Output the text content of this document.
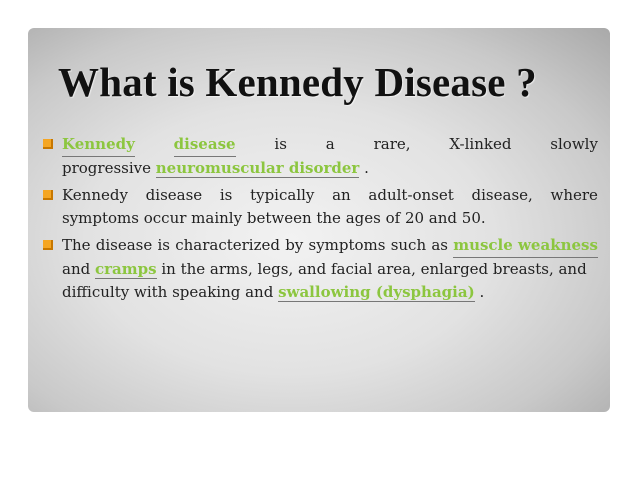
What is Kennedy Disease ?
Kennedy	disease	is	a	rare,	X-linked	slowly
progressive neuromuscular disorder .
Kennedy disease is typically an adult-onset disease, where
symptoms occur mainly between the ages of 20 and 50.
The disease is characterized by symptoms such as muscle weakness
and cramps in the arms, legs, and facial area, enlarged breasts, and
difficulty with speaking and swallowing (dysphagia) .
